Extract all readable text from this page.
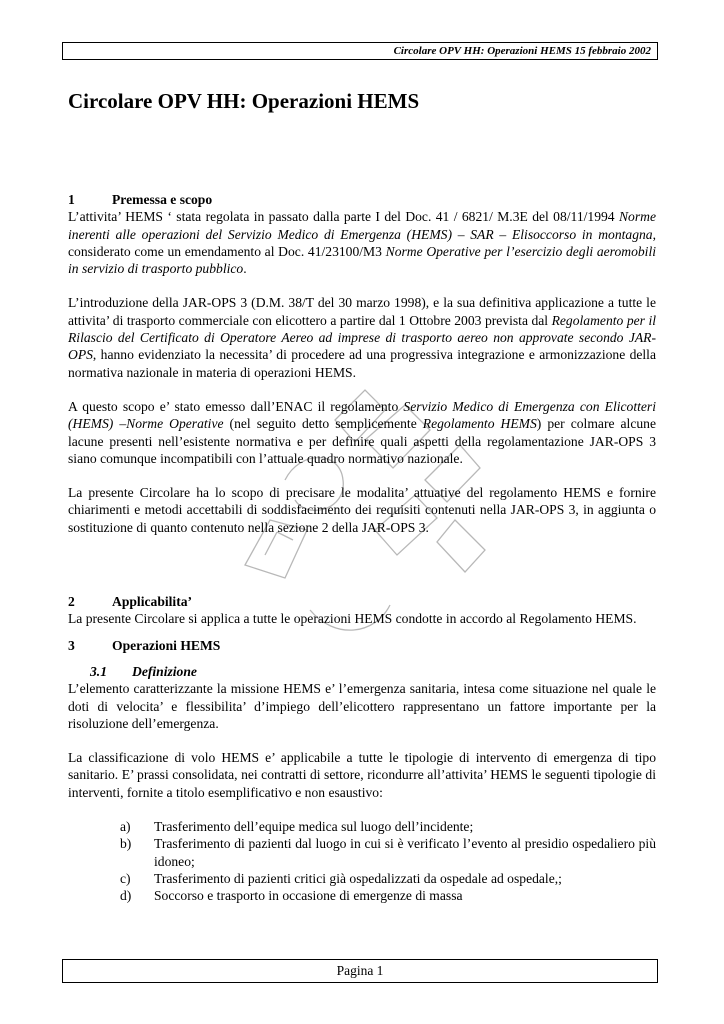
Circolare OPV HH: Operazioni HEMS 15 febbraio 2002
Circolare OPV HH: Operazioni HEMS
1	Premessa e scopo

L’attivita’ HEMS ‘ stata regolata in passato dalla parte I del Doc. 41 / 6821/ M.3E del 08/11/1994 Norme inerenti alle operazioni del Servizio Medico di Emergenza (HEMS) – SAR – Elisoccorso in montagna, considerato come un emendamento al Doc. 41/23100/M3 Norme Operative per l’esercizio degli aeromobili in servizio di trasporto pubblico.

L’introduzione della JAR-OPS 3 (D.M. 38/T del 30 marzo 1998), e la sua definitiva applicazione a tutte le attivita’ di trasporto commerciale con elicottero a partire dal 1 Ottobre 2003 prevista dal Regolamento per il Rilascio del Certificato di Operatore Aereo ad imprese di trasporto aereo non approvate secondo JAR-OPS, hanno evidenziato la necessita’ di procedere ad una progressiva integrazione e armonizzazione della normativa nazionale in materia di operazioni HEMS.

A questo scopo e’ stato emesso dall’ENAC il regolamento Servizio Medico di Emergenza con Elicotteri (HEMS) –Norme Operative (nel seguito detto semplicemente Regolamento HEMS) per colmare alcune lacune presenti nell’esistente normativa e per definire quali aspetti della regolamentazione JAR-OPS 3 siano comunque incompatibili con l’attuale quadro normativo nazionale.

La presente Circolare ha lo scopo di precisare le modalita’ attuative del regolamento HEMS e fornire chiarimenti e metodi accettabili di soddisfacimento dei requisiti contenuti nella JAR-OPS 3, in aggiunta o sostituzione di quanto contenuto nella sezione 2 della JAR-OPS 3.

2	Applicabilita’

La presente Circolare si applica a tutte le operazioni HEMS condotte in accordo al Regolamento HEMS.

3	Operazioni HEMS
3.1	Definizione

L’elemento caratterizzante la missione HEMS e’ l’emergenza sanitaria, intesa come situazione nel quale le doti di velocita’ e flessibilita’ d’impiego dell’elicottero rappresentano un fattore importante per la risoluzione dell’emergenza.

La classificazione di volo HEMS e’ applicabile a tutte le tipologie di intervento di emergenza di tipo sanitario. E’ prassi consolidata, nei contratti di settore, ricondurre all’attivita’ HEMS le seguenti tipologie di interventi, fornite a titolo esemplificativo e non esaustivo:

a)	Trasferimento dell’equipe medica sul luogo dell’incidente;
b)	Trasferimento di pazienti dal luogo in cui si è verificato l’evento al presidio ospedaliero più idoneo;
c)	Trasferimento di pazienti critici già ospedalizzati da ospedale ad ospedale,;
d)	Soccorso e trasporto in occasione di emergenze di massa
Pagina 1
